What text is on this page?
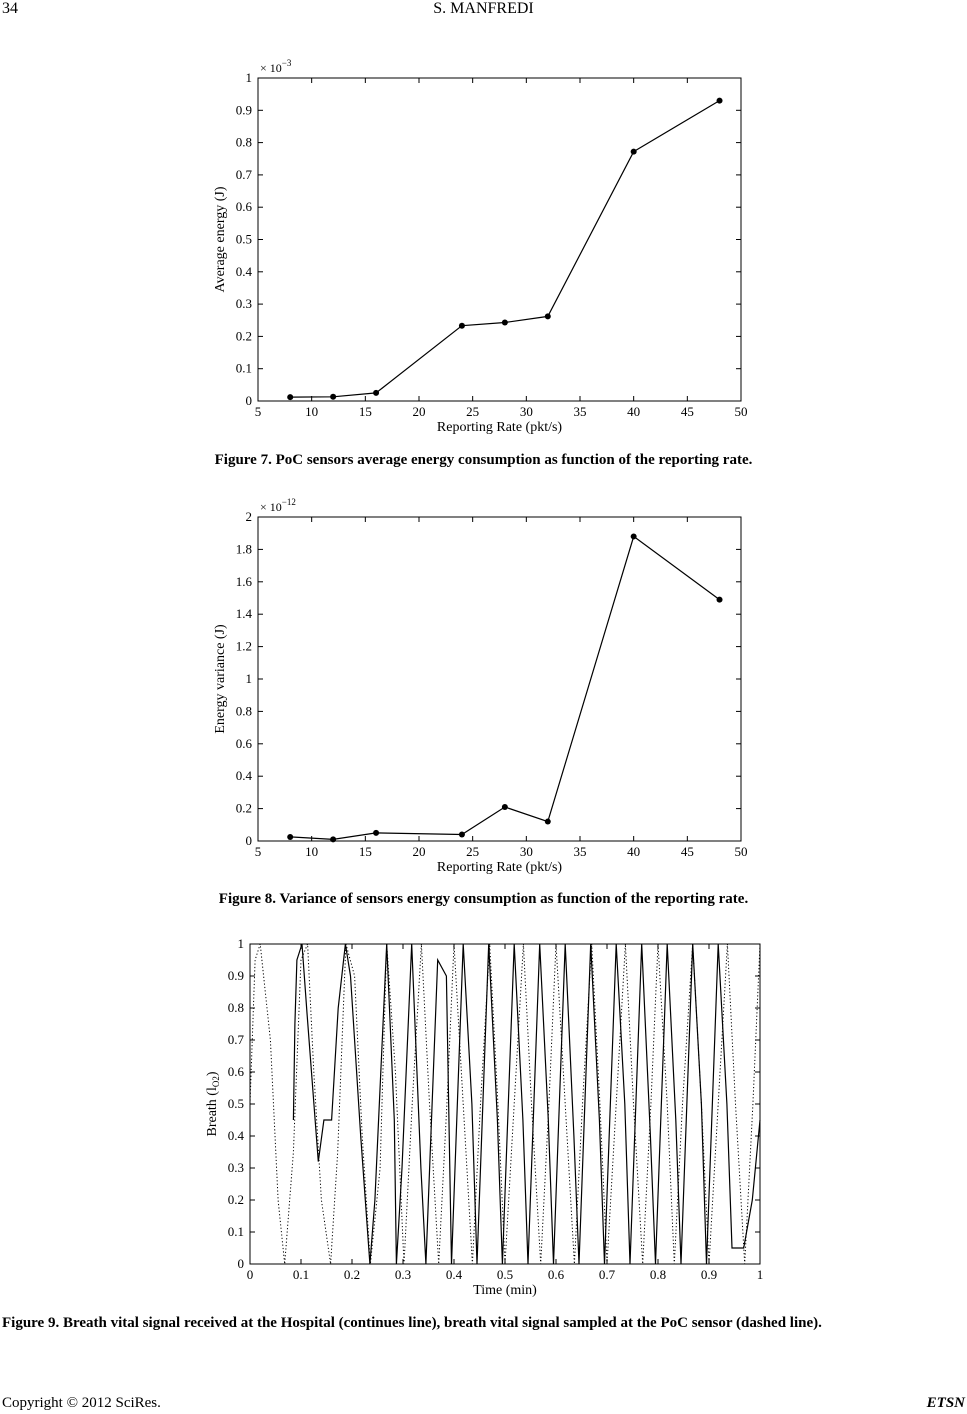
34	S. MANFREDI
5	10	15	20	25	30	35	40	45	50
0
0.1
0.2
0.3
0.4
0.5
0.6
0.7
0.8
0.9
1
Reporting Rate (pkt/s)
Average energy (J)
× $10^{-3}$
Figure 7. PoC sensors average energy consumption as function of the reporting rate.
5	10	15	20	25	30	35	40	45	50
0
0.2
0.4
0.6
0.8
1
1.2
1.4
1.6
1.8
2
Reporting Rate (pkt/s)
Energy variance (J)
× $10^{-12}$
Figure 8. Variance of sensors energy consumption as function of the reporting rate.
0	0.1	0.2	0.3	0.4	0.5	0.6	0.7	0.8	0.9	1
0
0.1
0.2
0.3
0.4
0.5
0.6
0.7
0.8
0.9
1
Time (min)
Breath $(l_{O2})$
Figure 9. Breath vital signal received at the Hospital (continues line), breath vital signal sampled at the PoC sensor (dashed line).
Copyright © 2012 SciRes.	ETSN
